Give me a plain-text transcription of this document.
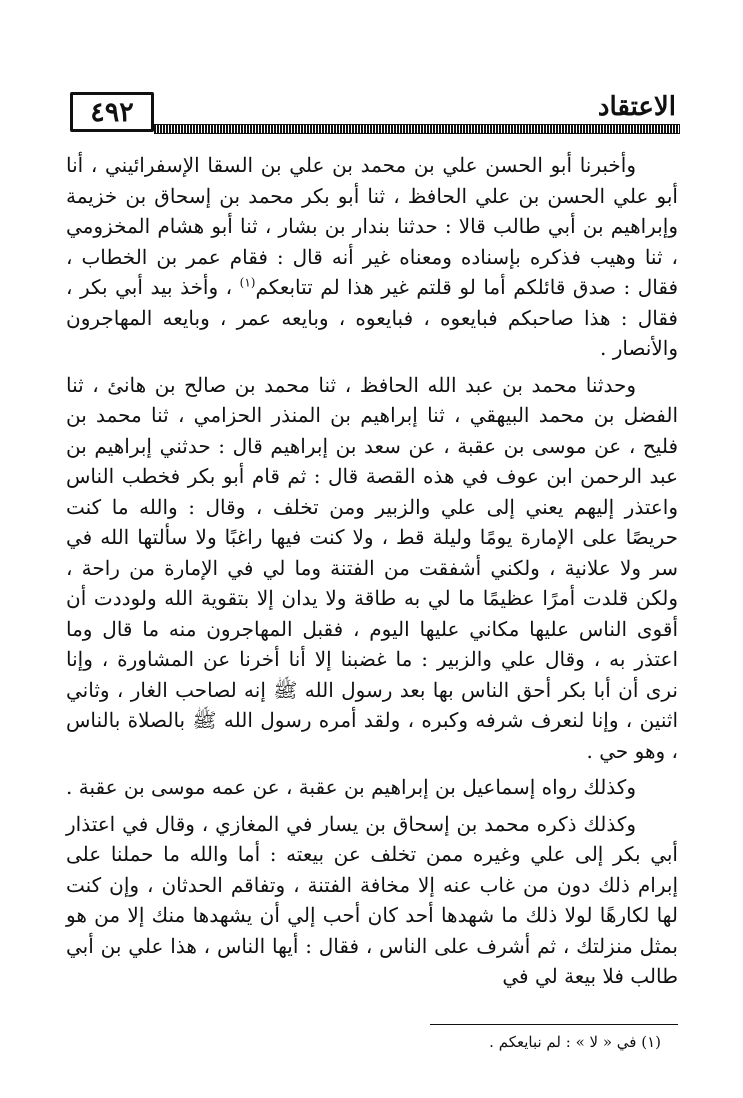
٤٩٢	الاعتقاد

وأخبرنا أبو الحسن علي بن محمد بن علي بن السقا الإسفرائيني ، أنا أبو علي الحسن بن علي الحافظ ، ثنا أبو بكر محمد بن إسحاق بن خزيمة وإبراهيم بن أبي طالب قالا : حدثنا بندار بن بشار ، ثنا أبو هشام المخزومي ، ثنا وهيب فذكره بإسناده ومعناه غير أنه قال : فقام عمر بن الخطاب ، فقال : صدق قائلكم أما لو قلتم غير هذا لم تتابعكم$^{(١)}$ ، وأخذ بيد أبي بكر ، فقال : هذا صاحبكم فبايعوه ، فبايعوه ، وبايعه عمر ، وبايعه المهاجرون والأنصار .

وحدثنا محمد بن عبد الله الحافظ ، ثنا محمد بن صالح بن هانئ ، ثنا الفضل بن محمد البيهقي ، ثنا إبراهيم بن المنذر الحزامي ، ثنا محمد بن فليح ، عن موسى بن عقبة ، عن سعد بن إبراهيم قال : حدثني إبراهيم بن عبد الرحمن ابن عوف في هذه القصة قال : ثم قام أبو بكر فخطب الناس واعتذر إليهم يعني إلى علي والزبير ومن تخلف ، وقال : والله ما كنت حريصًا على الإمارة يومًا وليلة قط ، ولا كنت فيها راغبًا ولا سألتها الله في سر ولا علانية ، ولكني أشفقت من الفتنة وما لي في الإمارة من راحة ، ولكن قلدت أمرًا عظيمًا ما لي به طاقة ولا يدان إلا بتقوية الله ولوددت أن أقوى الناس عليها مكاني عليها اليوم ، فقبل المهاجرون منه ما قال وما اعتذر به ، وقال علي والزبير : ما غضبنا إلا أنا أخرنا عن المشاورة ، وإنا نرى أن أبا بكر أحق الناس بها بعد رسول الله ﷺ إنه لصاحب الغار ، وثاني اثنين ، وإنا لنعرف شرفه وكبره ، ولقد أمره رسول الله ﷺ بالصلاة بالناس ، وهو حي .

وكذلك رواه إسماعيل بن إبراهيم بن عقبة ، عن عمه موسى بن عقبة .

وكذلك ذكره محمد بن إسحاق بن يسار في المغازي ، وقال في اعتذار أبي بكر إلى علي وغيره ممن تخلف عن بيعته : أما والله ما حملنا على إبرام ذلك دون من غاب عنه إلا مخافة الفتنة ، وتفاقم الحدثان ، وإن كنت لها لكارهًا لولا ذلك ما شهدها أحد كان أحب إلي أن يشهدها منك إلا من هو بمثل منزلتك ، ثم أشرف على الناس ، فقال : أيها الناس ، هذا علي بن أبي طالب فلا بيعة لي في

(١) في « لا » : لم نبايعكم .
